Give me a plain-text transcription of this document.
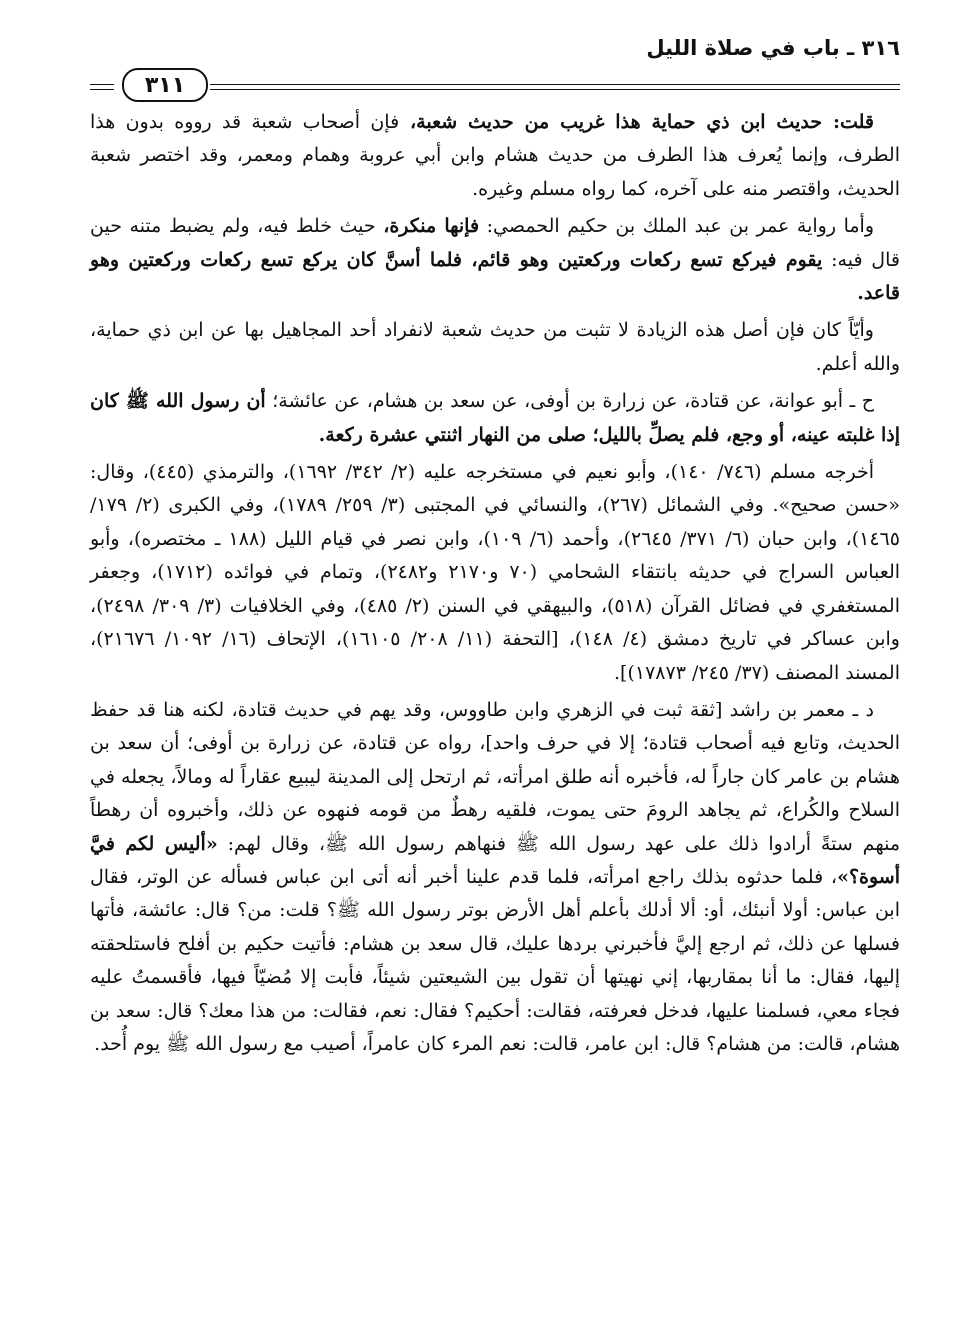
٣١٦ ـ باب في صلاة الليل
٣١١

قلت: حديث ابن ذي حماية هذا غريب من حديث شعبة، فإن أصحاب شعبة قد رووه بدون هذا الطرف، وإنما يُعرف هذا الطرف من حديث هشام وابن أبي عروبة وهمام ومعمر، وقد اختصر شعبة الحديث، واقتصر منه على آخره، كما رواه مسلم وغيره.

وأما رواية عمر بن عبد الملك بن حكيم الحمصي: فإنها منكرة، حيث خلط فيه، ولم يضبط متنه حين قال فيه: يقوم فيركع تسع ركعات وركعتين وهو قائم، فلما أسنَّ كان يركع تسع ركعات وركعتين وهو قاعد.

وأيّاً كان فإن أصل هذه الزيادة لا تثبت من حديث شعبة لانفراد أحد المجاهيل بها عن ابن ذي حماية، والله أعلم.

ح ـ أبو عوانة، عن قتادة، عن زرارة بن أوفى، عن سعد بن هشام، عن عائشة؛ أن رسول الله ﷺ كان إذا غلبته عينه، أو وجع، فلم يصلِّ بالليل؛ صلى من النهار اثنتي عشرة ركعة.

أخرجه مسلم (٧٤٦/ ١٤٠)، وأبو نعيم في مستخرجه عليه (٢/ ٣٤٢/ ١٦٩٢)، والترمذي (٤٤٥)، وقال: «حسن صحيح». وفي الشمائل (٢٦٧)، والنسائي في المجتبى (٣/ ٢٥٩/ ١٧٨٩)، وفي الكبرى (٢/ ١٧٩/ ١٤٦٥)، وابن حبان (٦/ ٣٧١/ ٢٦٤٥)، وأحمد (٦/ ١٠٩)، وابن نصر في قيام الليل (١٨٨ ـ مختصره)، وأبو العباس السراج في حديثه بانتقاء الشحامي (٧٠ و٢١٧٠ و٢٤٨٢)، وتمام في فوائده (١٧١٢)، وجعفر المستغفري في فضائل القرآن (٥١٨)، والبيهقي في السنن (٢/ ٤٨٥)، وفي الخلافيات (٣/ ٣٠٩/ ٢٤٩٨)، وابن عساكر في تاريخ دمشق (٤/ ١٤٨)، [التحفة (١١/ ٢٠٨/ ١٦١٠٥)، الإتحاف (١٦/ ١٠٩٢/ ٢١٦٧٦)، المسند المصنف (٣٧/ ٢٤٥/ ١٧٨٧٣)].

د ـ معمر بن راشد [ثقة ثبت في الزهري وابن طاووس، وقد يهم في حديث قتادة، لكنه هنا قد حفظ الحديث، وتابع فيه أصحاب قتادة؛ إلا في حرف واحد]، رواه عن قتادة، عن زرارة بن أوفى؛ أن سعد بن هشام بن عامر كان جاراً له، فأخبره أنه طلق امرأته، ثم ارتحل إلى المدينة ليبيع عقاراً له ومالاً، يجعله في السلاح والكُراع، ثم يجاهد الرومَ حتى يموت، فلقيه رهطٌ من قومه فنهوه عن ذلك، وأخبروه أن رهطاً منهم ستةً أرادوا ذلك على عهد رسول الله ﷺ فنهاهم رسول الله ﷺ، وقال لهم: «أليس لكم فيَّ أسوة؟»، فلما حدثوه بذلك راجع امرأته، فلما قدم علينا أخبر أنه أتى ابن عباس فسأله عن الوتر، فقال ابن عباس: أولا أنبئك، أو: ألا أدلك بأعلم أهل الأرض بوتر رسول الله ﷺ؟ قلت: من؟ قال: عائشة، فأتها فسلها عن ذلك، ثم ارجع إليَّ فأخبرني بردها عليك، قال سعد بن هشام: فأتيت حكيم بن أفلح فاستلحقته إليها، فقال: ما أنا بمقاربها، إني نهيتها أن تقول بين الشيعتين شيئاً، فأبت إلا مُضيّاً فيها، فأقسمتُ عليه فجاء معي، فسلمنا عليها، فدخل فعرفته، فقالت: أحكيم؟ فقال: نعم، فقالت: من هذا معك؟ قال: سعد بن هشام، قالت: من هشام؟ قال: ابن عامر، قالت: نعم المرء كان عامراً، أصيب مع رسول الله ﷺ يوم أُحد.
